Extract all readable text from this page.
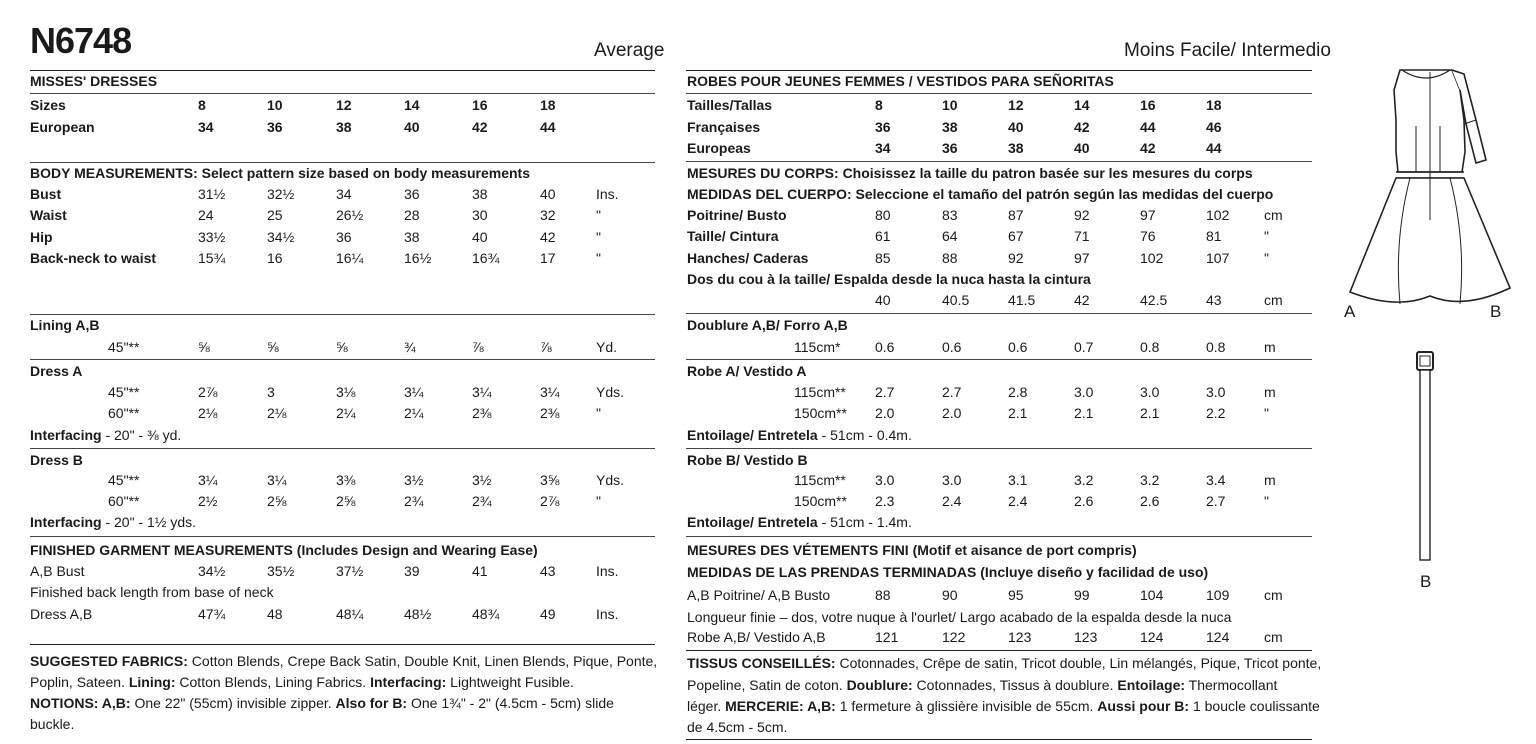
N6748	Average	Moins Facile/ Intermedio
MISSES' DRESSES
Sizes	8	10	12	14	16	18
European	34	36	38	40	42	44
BODY MEASUREMENTS: Select pattern size based on body measurements
Bust	31½	32½	34	36	38	40	Ins.
Waist	24	25	26½	28	30	32	"
Hip	33½	34½	36	38	40	42	"
Back-neck to waist	15¾	16	16¼	16½	16¾	17	"
Lining A,B
45"**	⅝	⅝	⅝	¾	⅞	⅞	Yd.
Dress A
45"**	2⅞	3	3⅛	3¼	3¼	3¼	Yds.
60"**	2⅛	2⅛	2¼	2¼	2⅜	2⅜	"
Interfacing - 20" - ⅜ yd.
Dress B
45"**	3¼	3¼	3⅜	3½	3½	3⅝	Yds.
60"**	2½	2⅝	2⅝	2¾	2¾	2⅞	"
Interfacing - 20" - 1½ yds.
FINISHED GARMENT MEASUREMENTS (Includes Design and Wearing Ease)
A,B Bust	34½	35½	37½	39	41	43	Ins.
Finished back length from base of neck
Dress A,B	47¾	48	48¼	48½	48¾	49	Ins.
SUGGESTED FABRICS: Cotton Blends, Crepe Back Satin, Double Knit, Linen Blends, Pique, Ponte,
Poplin, Sateen. Lining: Cotton Blends, Lining Fabrics. Interfacing: Lightweight Fusible.
NOTIONS: A,B: One 22" (55cm) invisible zipper. Also for B: One 1¾" - 2" (4.5cm - 5cm) slide
buckle.
ROBES POUR JEUNES FEMMES / VESTIDOS PARA SEÑORITAS
Tailles/Tallas	8	10	12	14	16	18
Françaises	36	38	40	42	44	46
Europeas	34	36	38	40	42	44
MESURES DU CORPS: Choisissez la taille du patron basée sur les mesures du corps
MEDIDAS DEL CUERPO: Seleccione el tamaño del patrón según las medidas del cuerpo
Poitrine/ Busto	80	83	87	92	97	102 cm
Taille/ Cintura	61	64	67	71	76	81	"
Hanches/ Caderas	85	88	92	97	102	107 "
Dos du cou à la taille/ Espalda desde la nuca hasta la cintura
40	40.5	41.5	42	42.5	43	cm
Doublure A,B/ Forro A,B
115cm* 0.6	0.6	0.6	0.7	0.8	0.8	m
Robe A/ Vestido A
115cm** 2.7	2.7	2.8	3.0	3.0	3.0	m
150cm** 2.0	2.0	2.1	2.1	2.1	2.2	"
Entoilage/ Entretela - 51cm - 0.4m.
Robe B/ Vestido B
115cm** 3.0	3.0	3.1	3.2	3.2	3.4	m
150cm** 2.3	2.4	2.4	2.6	2.6	2.7	"
Entoilage/ Entretela - 51cm - 1.4m.
MESURES DES VÉTEMENTS FINI (Motif et aisance de port compris)
MEDIDAS DE LAS PRENDAS TERMINADAS (Incluye diseño y facilidad de uso)
A,B Poitrine/ A,B Busto	88	90	95	99	104	109 cm
Longueur finie – dos, votre nuque à l'ourlet/ Largo acabado de la espalda desde la nuca
Robe A,B/ Vestido A,B	121	122	123	123	124	124 cm
TISSUS CONSEILLÉS: Cotonnades, Crêpe de satin, Tricot double, Lin mélangés, Pique, Tricot ponte,
Popeline, Satin de coton. Doublure: Cotonnades, Tissus à doublure. Entoilage: Thermocollant
léger. MERCERIE: A,B: 1 fermeture à glissière invisible de 55cm. Aussi pour B: 1 boucle coulissante
de 4.5cm - 5cm.
A	B
B
